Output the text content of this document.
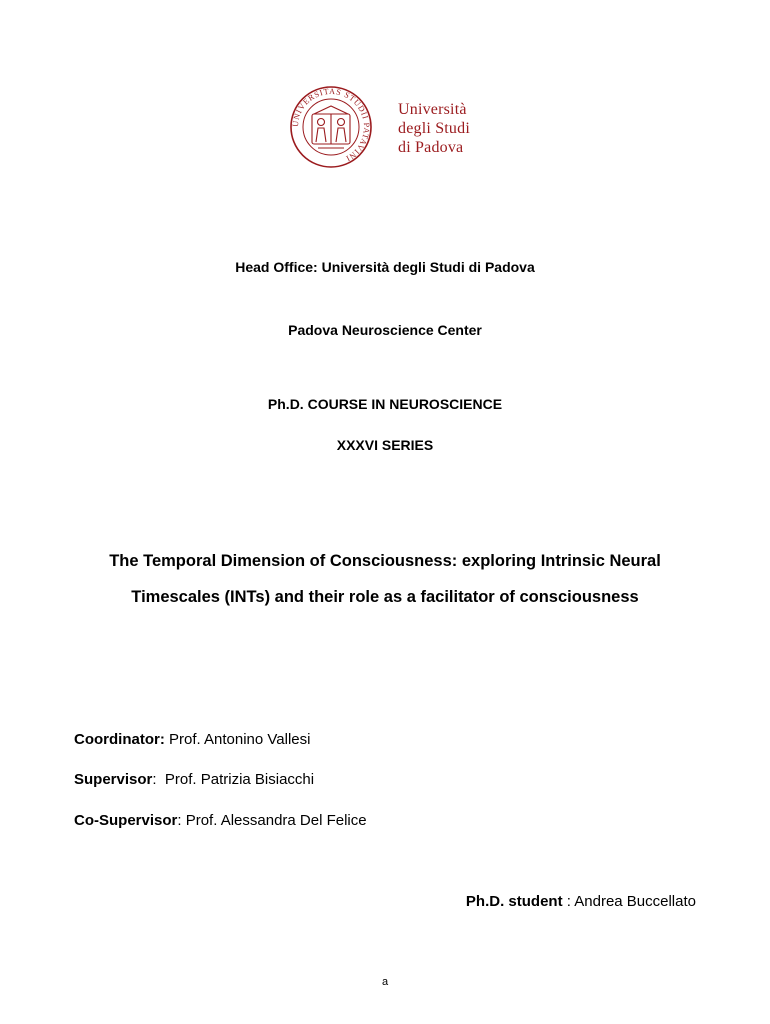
UNIVERSITAS STUDII PATAVINI
Università
degli Studi
di Padova
Head Office: Università degli Studi di Padova
Padova Neuroscience Center
Ph.D. COURSE IN NEUROSCIENCE
XXXVI SERIES
The Temporal Dimension of Consciousness: exploring Intrinsic Neural
Timescales (INTs) and their role as a facilitator of consciousness
Coordinator: Prof. Antonino Vallesi
Supervisor:  Prof. Patrizia Bisiacchi
Co-Supervisor: Prof. Alessandra Del Felice
Ph.D. student : Andrea Buccellato
a
